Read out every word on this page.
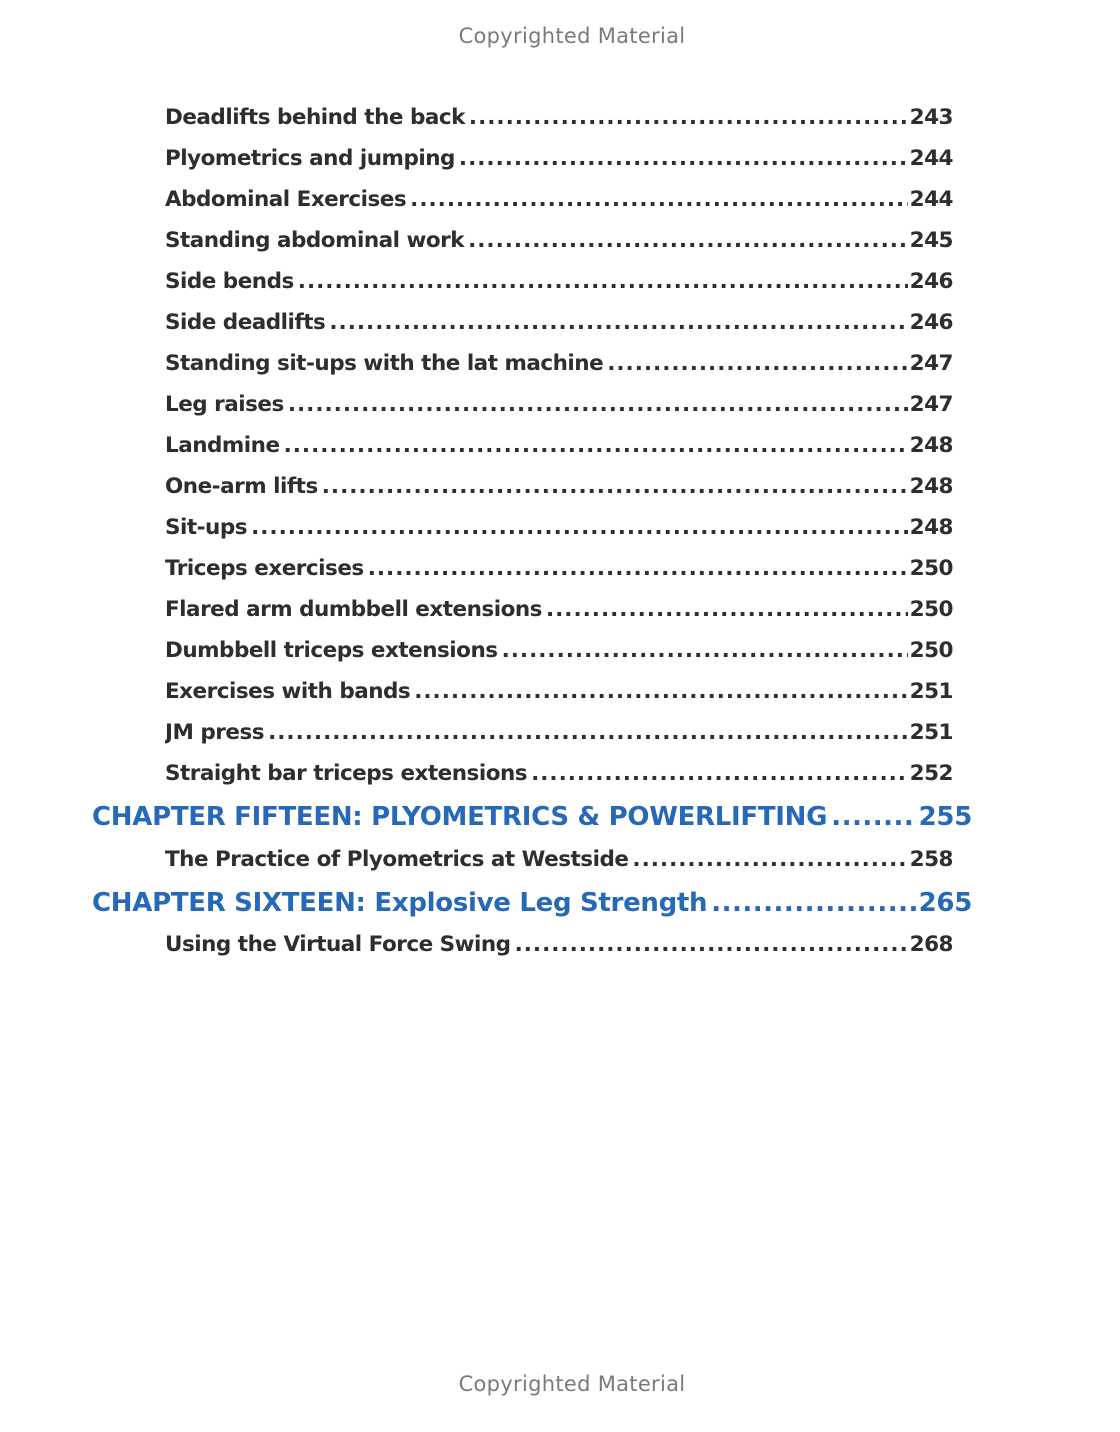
Copyrighted Material
Deadlifts behind the back .....	243
Plyometrics and jumping .....	244
Abdominal Exercises .....	244
Standing abdominal work .....	245
Side bends .....	246
Side deadlifts .....	246
Standing sit-ups with the lat machine .....	247
Leg raises .....	247
Landmine .....	248
One-arm lifts .....	248
Sit-ups .....	248
Triceps exercises .....	250
Flared arm dumbbell extensions .....	250
Dumbbell triceps extensions .....	250
Exercises with bands .....	251
JM press .....	251
Straight bar triceps extensions .....	252
CHAPTER FIFTEEN: PLYOMETRICS & POWERLIFTING .....	255
The Practice of Plyometrics at Westside .....	258
CHAPTER SIXTEEN: Explosive Leg Strength .....	265
Using the Virtual Force Swing .....	268
Copyrighted Material
